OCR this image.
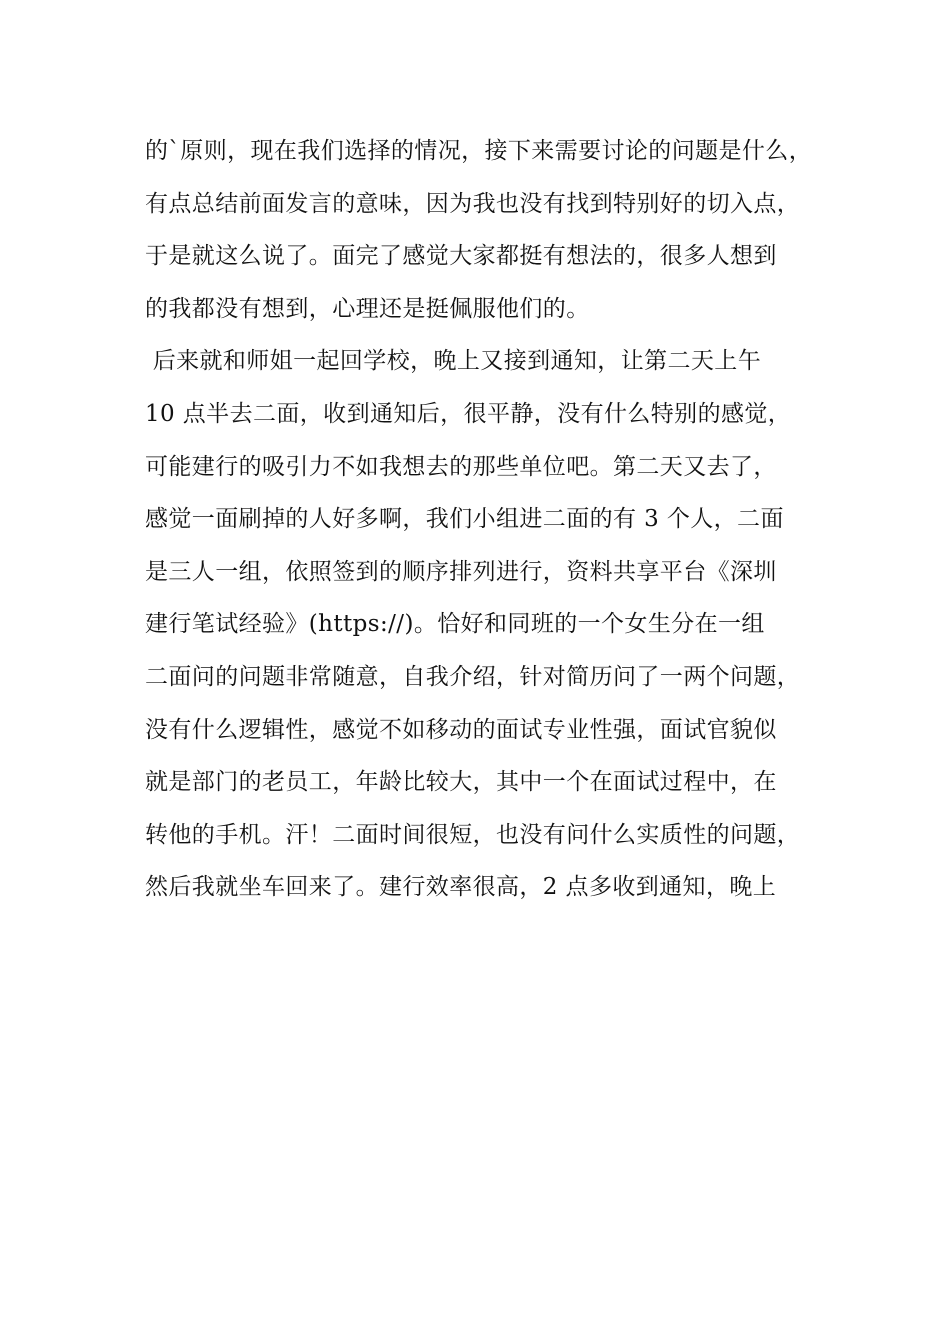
的`原则，现在我们选择的情况，接下来需要讨论的问题是什么，
有点总结前面发言的意味，因为我也没有找到特别好的切入点，
于是就这么说了。面完了感觉大家都挺有想法的，很多人想到
的我都没有想到，心理还是挺佩服他们的。
后来就和师姐一起回学校，晚上又接到通知，让第二天上午
10 点半去二面，收到通知后，很平静，没有什么特别的感觉，
可能建行的吸引力不如我想去的那些单位吧。第二天又去了，
感觉一面刷掉的人好多啊，我们小组进二面的有 3 个人，二面
是三人一组，依照签到的顺序排列进行，资料共享平台《深圳
建行笔试经验》(https://)。恰好和同班的一个女生分在一组
二面问的问题非常随意，自我介绍，针对简历问了一两个问题，
没有什么逻辑性，感觉不如移动的面试专业性强，面试官貌似
就是部门的老员工，年龄比较大，其中一个在面试过程中，在
转他的手机。汗！二面时间很短，也没有问什么实质性的问题，
然后我就坐车回来了。建行效率很高，2 点多收到通知，晚上
